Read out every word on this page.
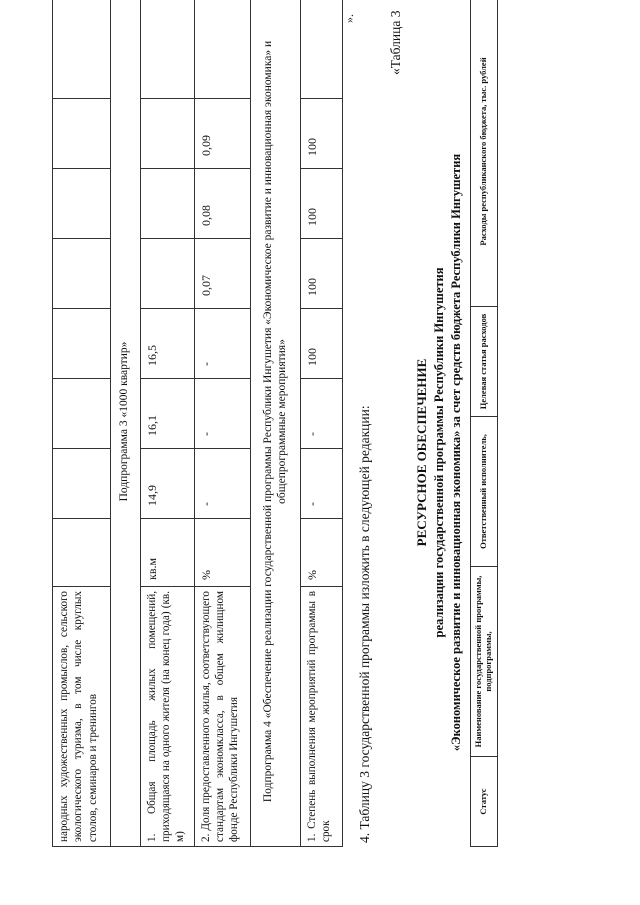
народных художественных промыслов, сельского экологического туризма, в том числе круглых столов, семинаров и тренингов								
Подпрограмма 3 «1000 квартир»								
1. Общая площадь жилых помещений, приходящаяся на одного жителя (на конец года) (кв. м)	кв.м	14,9	16,1	16,5				
2. Доля предоставленного жилья, соответствующего стандартам экономкласса, в общем жилищном фонде Республики Ингушетия	%	-	-	-	0,07	0,08	0,09	
Подпрограмма 4 «Обеспечение реализации государственной программы Республики Ингушетия «Экономическое развитие и инновационная экономика» и общепрограммные мероприятия»								
1. Степень выполнения мероприятий программы в срок	%	-	-	100	100	100	100	
».
4. Таблицу 3 государственной программы изложить в следующей редакции:
«Таблица 3
РЕСУРСНОЕ ОБЕСПЕЧЕНИЕ реализации государственной программы Республики Ингушетия «Экономическое развитие и инновационная экономика» за счет средств бюджета Республики Ингушетия
Статус	Наименование государственной программы, подпрограммы,	Ответственный исполнитель,	Целевая статья расходов	Расходы республиканского бюджета, тыс. рублей
